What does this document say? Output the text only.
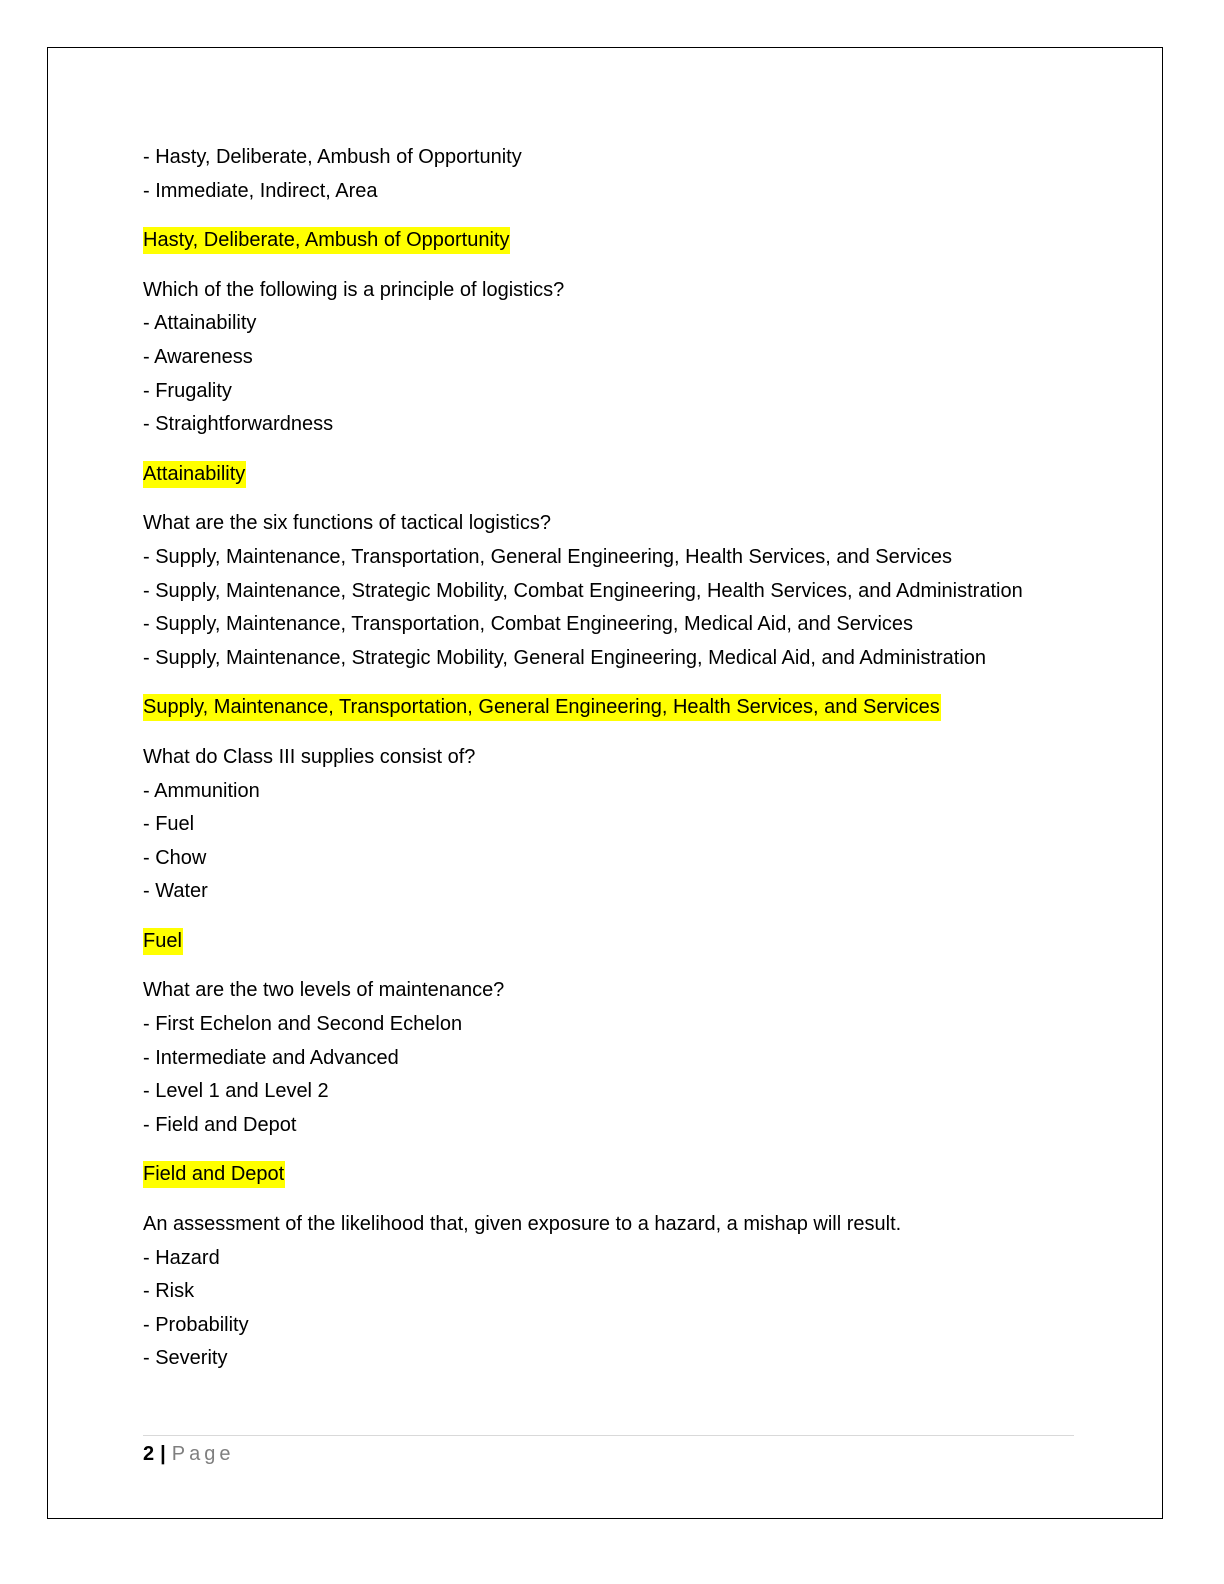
- Hasty, Deliberate, Ambush of Opportunity
- Immediate, Indirect, Area
Hasty, Deliberate, Ambush of Opportunity
Which of the following is a principle of logistics?
- Attainability
- Awareness
- Frugality
- Straightforwardness
Attainability
What are the six functions of tactical logistics?
- Supply, Maintenance, Transportation, General Engineering, Health Services, and Services
- Supply, Maintenance, Strategic Mobility, Combat Engineering, Health Services, and Administration
- Supply, Maintenance, Transportation, Combat Engineering, Medical Aid, and Services
- Supply, Maintenance, Strategic Mobility, General Engineering, Medical Aid, and Administration
Supply, Maintenance, Transportation, General Engineering, Health Services, and Services
What do Class III supplies consist of?
- Ammunition
- Fuel
- Chow
- Water
Fuel
What are the two levels of maintenance?
- First Echelon and Second Echelon
- Intermediate and Advanced
- Level 1 and Level 2
- Field and Depot
Field and Depot
An assessment of the likelihood that, given exposure to a hazard, a mishap will result.
- Hazard
- Risk
- Probability
- Severity
2 | Page
